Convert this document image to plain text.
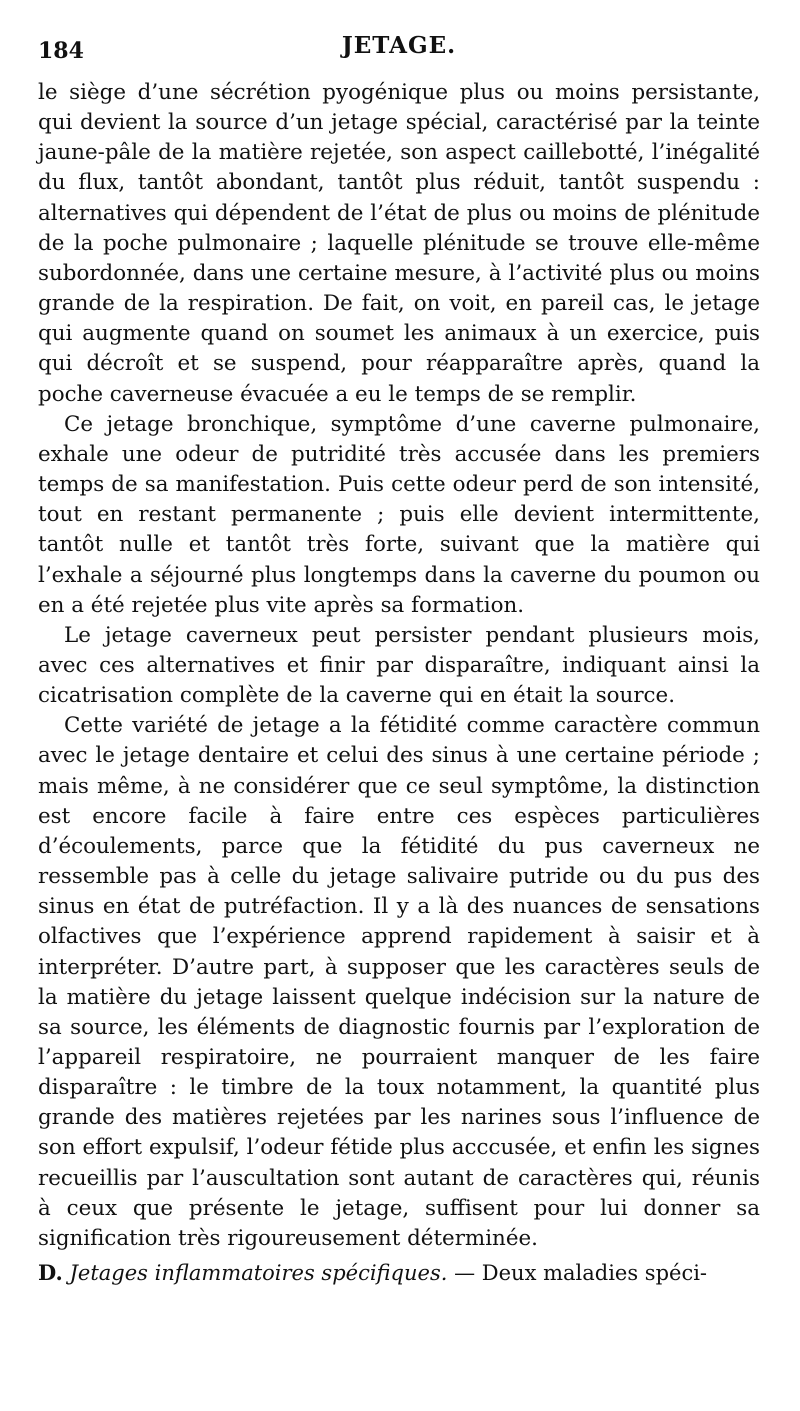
184	JETAGE.

le siège d’une sécrétion pyogénique plus ou moins persistante, qui devient la source d’un jetage spécial, caractérisé par la teinte jaune-pâle de la matière rejetée, son aspect caillebotté, l’inégalité du flux, tantôt abondant, tantôt plus réduit, tantôt suspendu : alternatives qui dépendent de l’état de plus ou moins de plénitude de la poche pulmonaire ; laquelle plénitude se trouve elle-même subordonnée, dans une certaine mesure, à l’activité plus ou moins grande de la respiration. De fait, on voit, en pareil cas, le jetage qui augmente quand on soumet les animaux à un exercice, puis qui décroît et se suspend, pour réapparaître après, quand la poche caverneuse évacuée a eu le temps de se remplir.

Ce jetage bronchique, symptôme d’une caverne pulmonaire, exhale une odeur de putridité très accusée dans les premiers temps de sa manifestation. Puis cette odeur perd de son intensité, tout en restant permanente ; puis elle devient intermittente, tantôt nulle et tantôt très forte, suivant que la matière qui l’exhale a séjourné plus longtemps dans la caverne du poumon ou en a été rejetée plus vite après sa formation.

Le jetage caverneux peut persister pendant plusieurs mois, avec ces alternatives et finir par disparaître, indiquant ainsi la cicatrisation complète de la caverne qui en était la source.

Cette variété de jetage a la fétidité comme caractère commun avec le jetage dentaire et celui des sinus à une certaine période ; mais même, à ne considérer que ce seul symptôme, la distinction est encore facile à faire entre ces espèces particulières d’écoulements, parce que la fétidité du pus caverneux ne ressemble pas à celle du jetage salivaire putride ou du pus des sinus en état de putréfaction. Il y a là des nuances de sensations olfactives que l’expérience apprend rapidement à saisir et à interpréter. D’autre part, à supposer que les caractères seuls de la matière du jetage laissent quelque indécision sur la nature de sa source, les éléments de diagnostic fournis par l’exploration de l’appareil respiratoire, ne pourraient manquer de les faire disparaître : le timbre de la toux notamment, la quantité plus grande des matières rejetées par les narines sous l’influence de son effort expulsif, l’odeur fétide plus acccusée, et enfin les signes recueillis par l’auscultation sont autant de caractères qui, réunis à ceux que présente le jetage, suffisent pour lui donner sa signification très rigoureusement déterminée.

D. Jetages inflammatoires spécifiques. — Deux maladies spéci-
